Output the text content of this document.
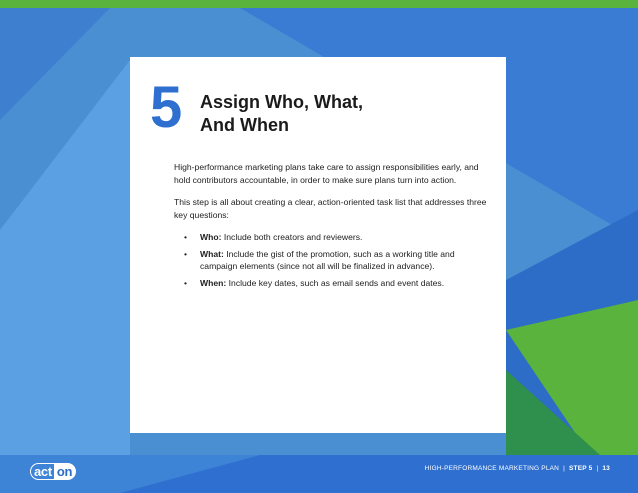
5 Assign Who, What,
And When

High-performance marketing plans take care to assign responsibilities early, and hold contributors accountable, in order to make sure plans turn into action.

This step is all about creating a clear, action-oriented task list that addresses three key questions:

• Who: Include both creators and reviewers.
• What: Include the gist of the promotion, such as a working title and campaign elements (since not all will be finalized in advance).
• When: Include key dates, such as email sends and event dates.
act on	HIGH-PERFORMANCE MARKETING PLAN | STEP 5 | 13
